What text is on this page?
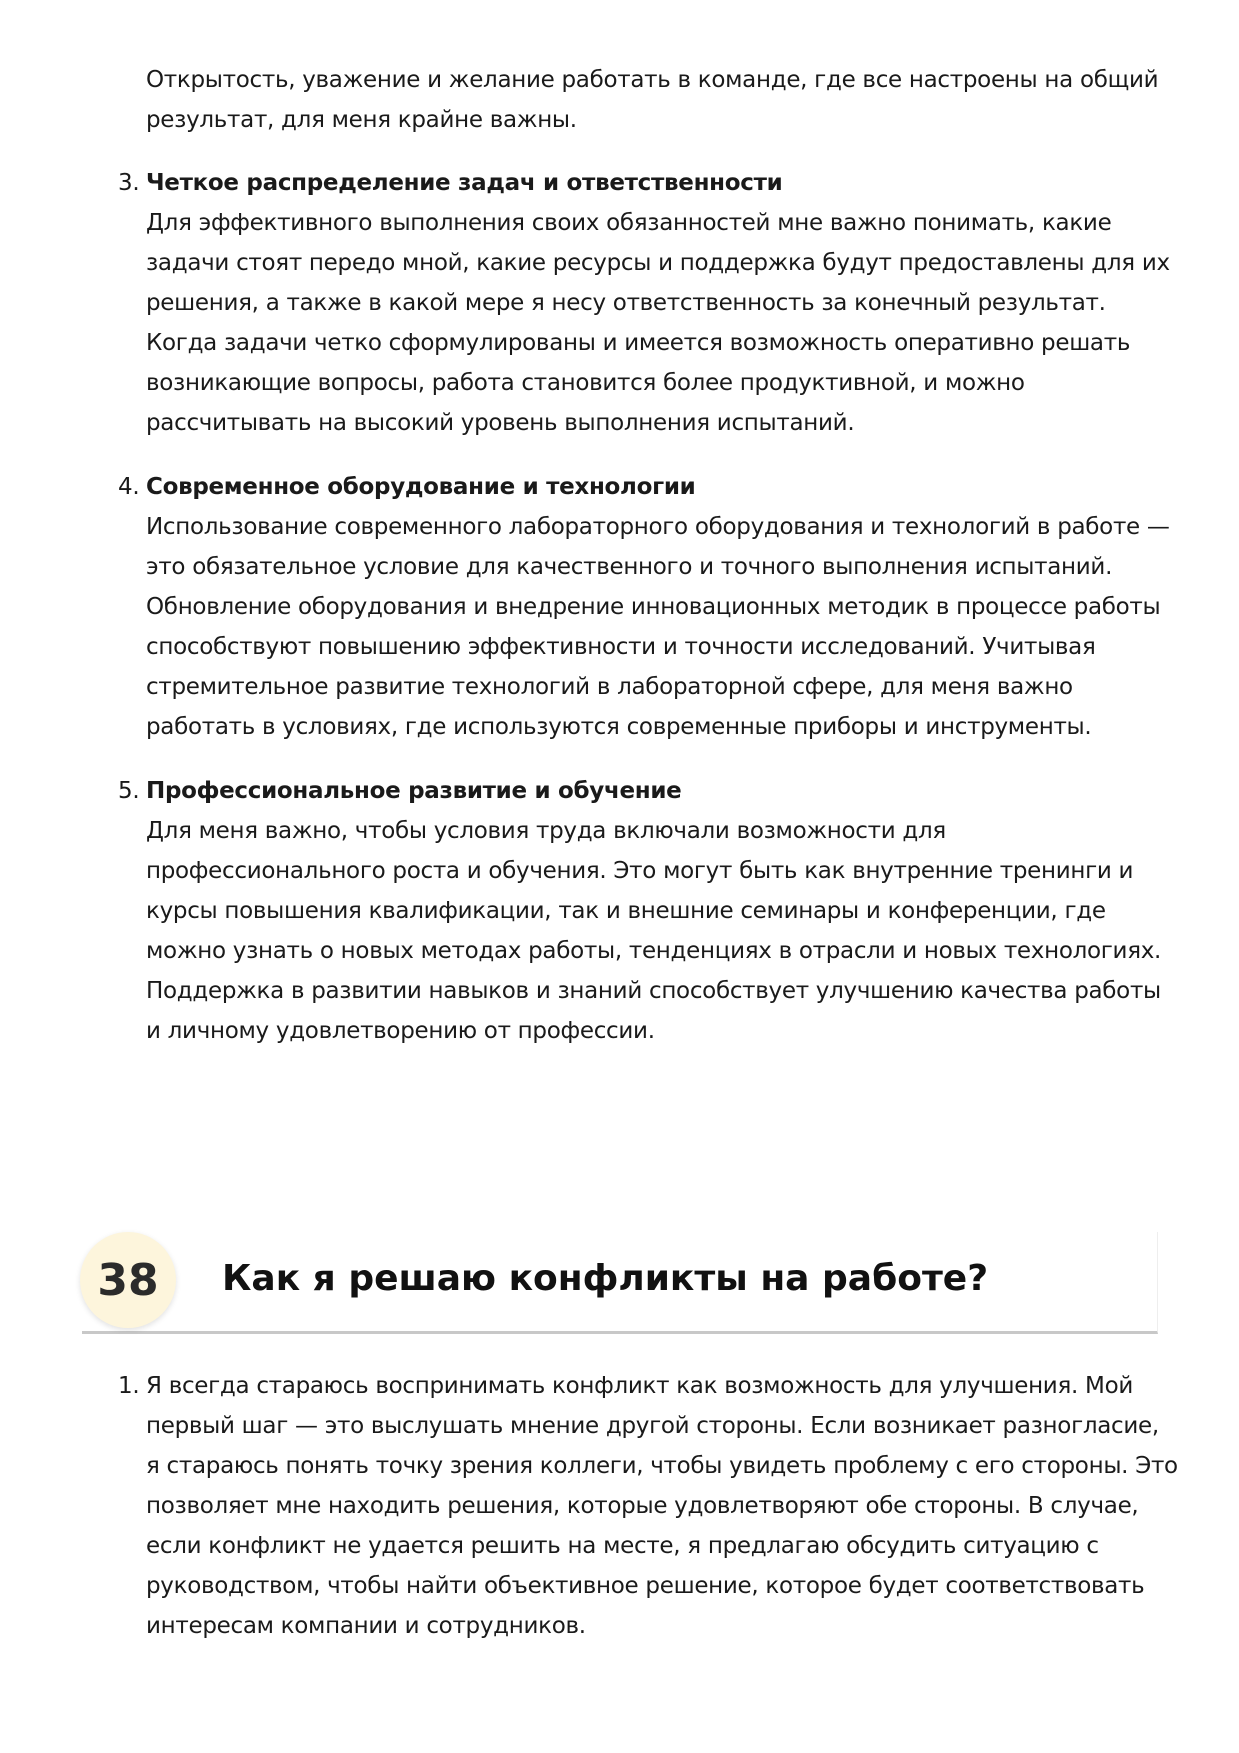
Открытость, уважение и желание работать в команде, где все настроены на общий результат, для меня крайне важны.

3. Четкое распределение задач и ответственности
Для эффективного выполнения своих обязанностей мне важно понимать, какие задачи стоят передо мной, какие ресурсы и поддержка будут предоставлены для их решения, а также в какой мере я несу ответственность за конечный результат. Когда задачи четко сформулированы и имеется возможность оперативно решать возникающие вопросы, работа становится более продуктивной, и можно рассчитывать на высокий уровень выполнения испытаний.
4. Современное оборудование и технологии
Использование современного лабораторного оборудования и технологий в работе — это обязательное условие для качественного и точного выполнения испытаний. Обновление оборудования и внедрение инновационных методик в процессе работы способствуют повышению эффективности и точности исследований. Учитывая стремительное развитие технологий в лабораторной сфере, для меня важно работать в условиях, где используются современные приборы и инструменты.
5. Профессиональное развитие и обучение
Для меня важно, чтобы условия труда включали возможности для профессионального роста и обучения. Это могут быть как внутренние тренинги и курсы повышения квалификации, так и внешние семинары и конференции, где можно узнать о новых методах работы, тенденциях в отрасли и новых технологиях. Поддержка в развитии навыков и знаний способствует улучшению качества работы и личному удовлетворению от профессии.
38	Как я решаю конфликты на работе?
1. Я всегда стараюсь воспринимать конфликт как возможность для улучшения. Мой первый шаг — это выслушать мнение другой стороны. Если возникает разногласие, я стараюсь понять точку зрения коллеги, чтобы увидеть проблему с его стороны. Это позволяет мне находить решения, которые удовлетворяют обе стороны. В случае, если конфликт не удается решить на месте, я предлагаю обсудить ситуацию с руководством, чтобы найти объективное решение, которое будет соответствовать интересам компании и сотрудников.
